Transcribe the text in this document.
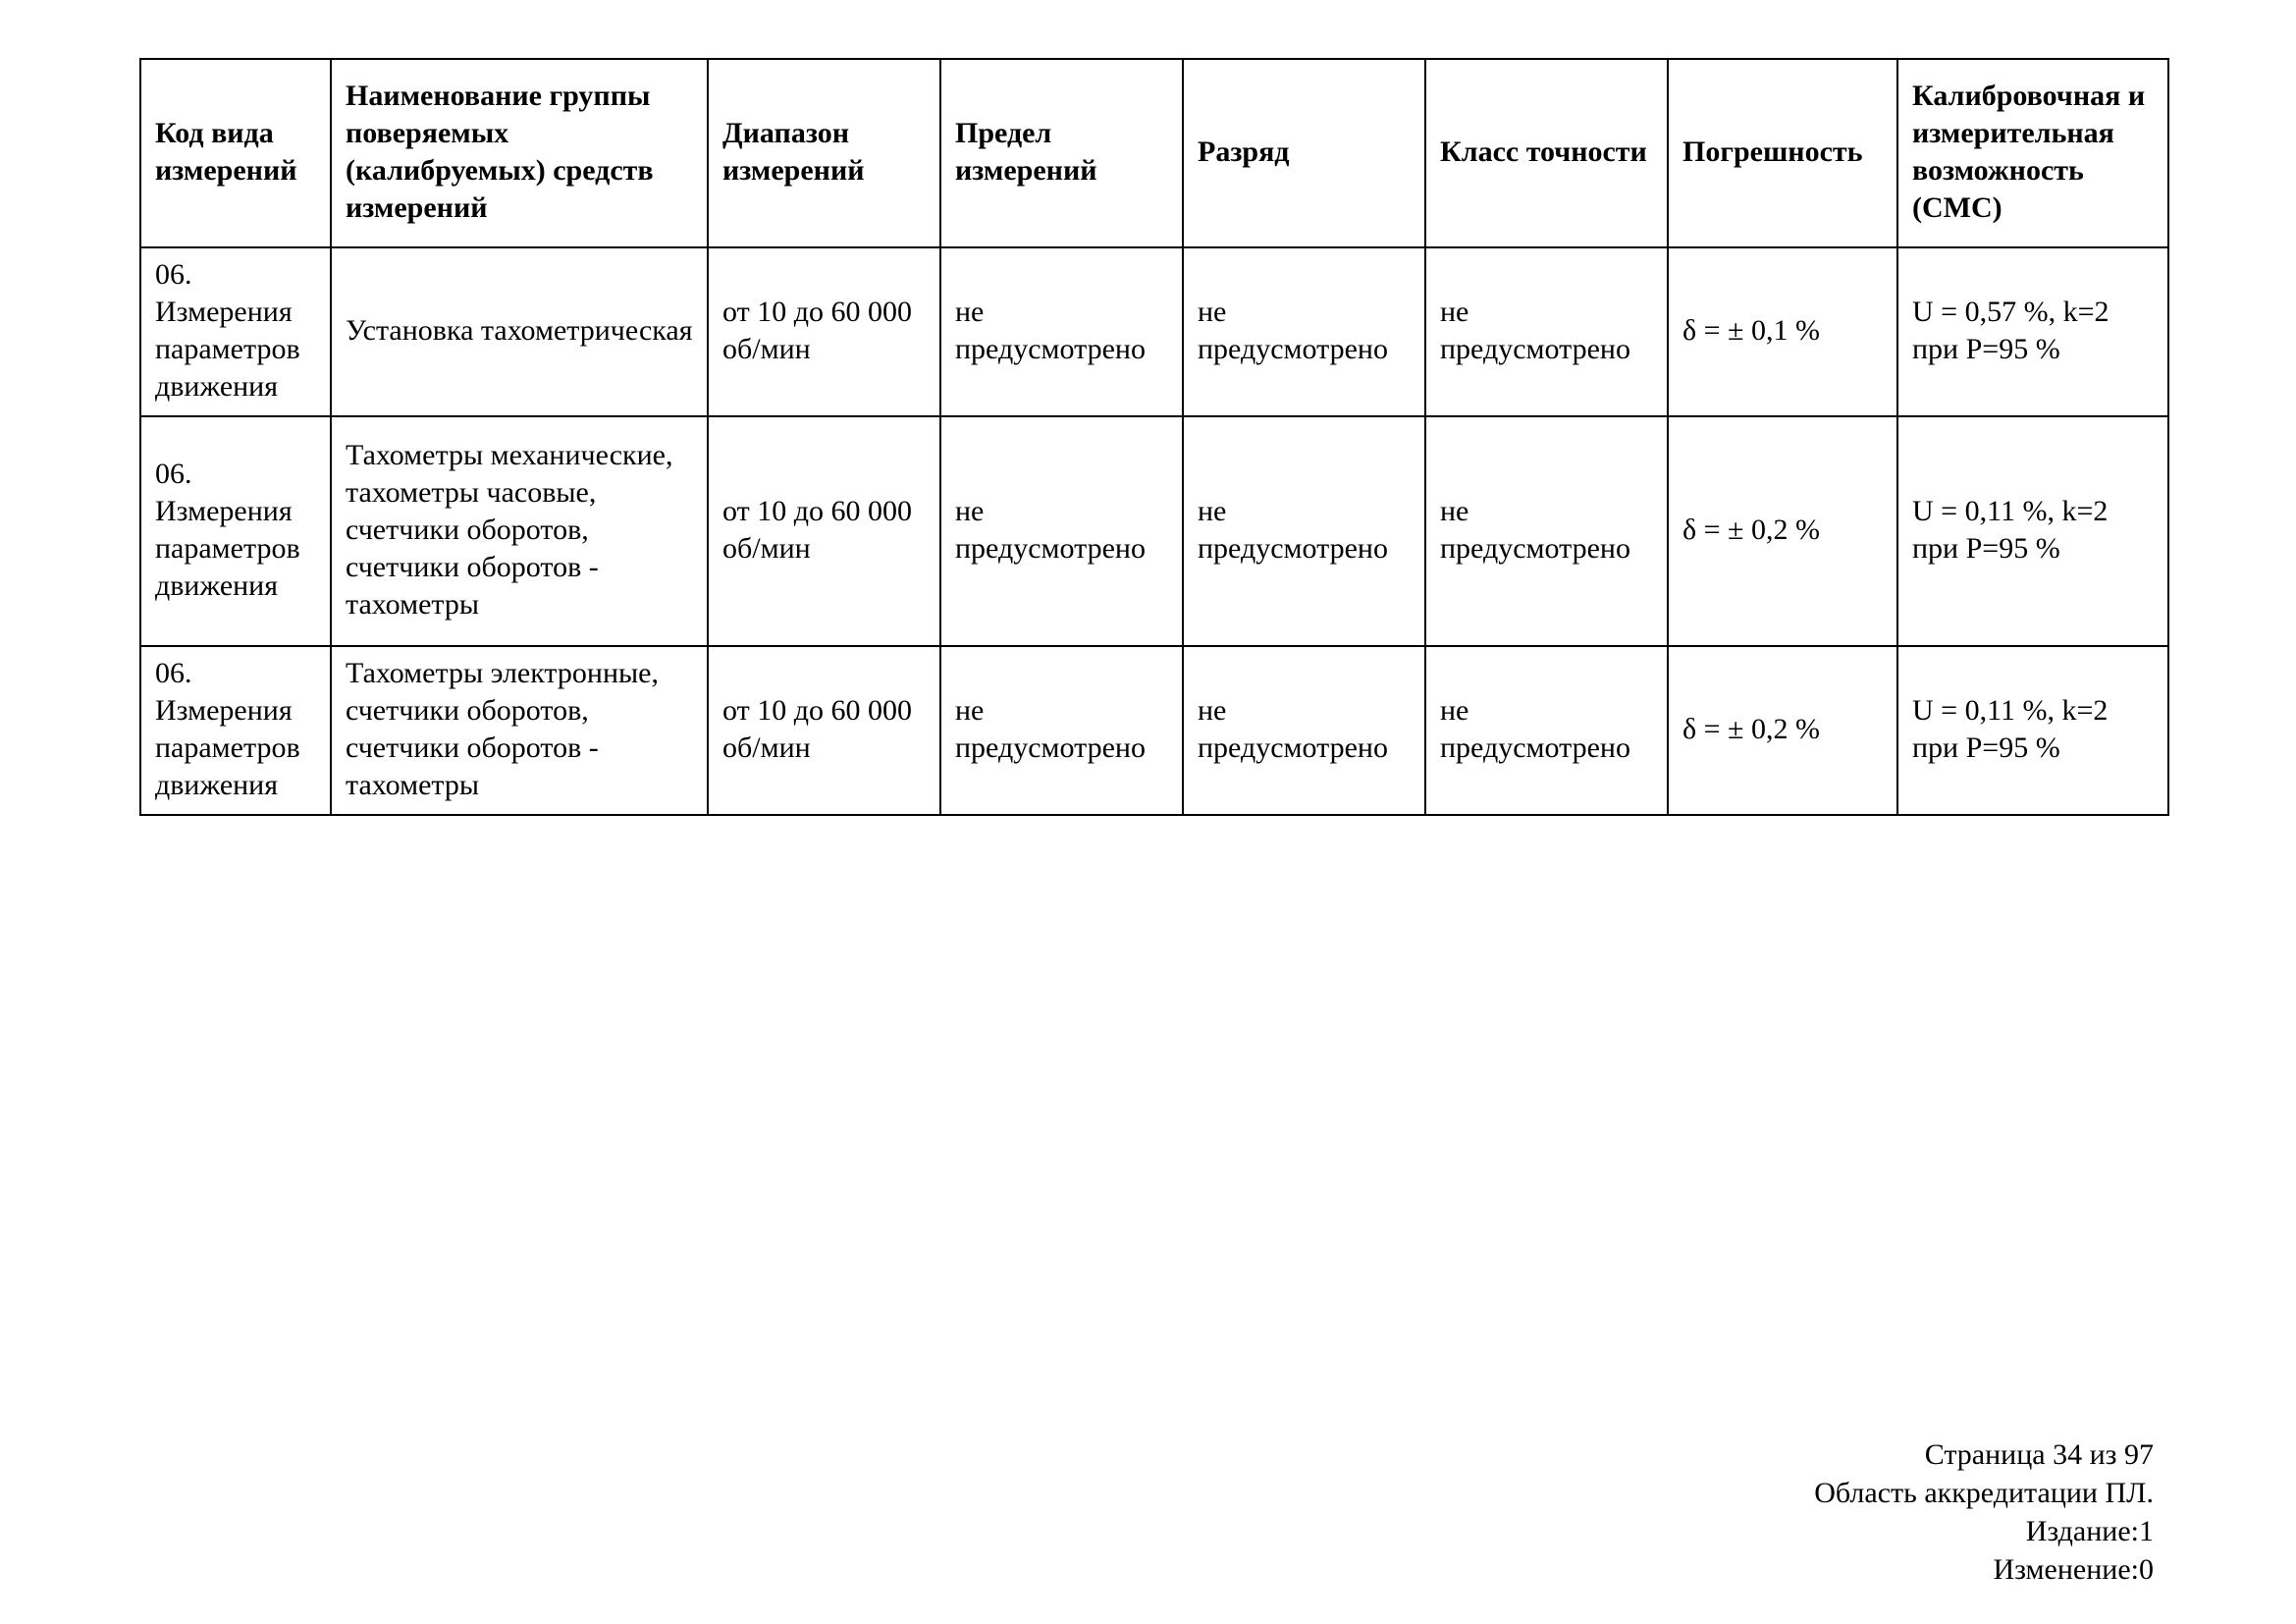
Код вида измерений	Наименование группы поверяемых (калибруемых) средств измерений	Диапазон измерений	Предел измерений	Разряд	Класс точности	Погрешность	Калибровочная и измерительная возможность (CMC)
06. Измерения параметров движения	Установка тахометрическая	от 10 до 60 000 об/мин	не предусмотрено	не предусмотрено	не предусмотрено	δ = ± 0,1 %	U = 0,57 %, k=2 при P=95 %
06. Измерения параметров движения	Тахометры механические, тахометры часовые, счетчики оборотов, счетчики оборотов - тахометры	от 10 до 60 000 об/мин	не предусмотрено	не предусмотрено	не предусмотрено	δ = ± 0,2 %	U = 0,11 %, k=2 при P=95 %
06. Измерения параметров движения	Тахометры электронные, счетчики оборотов, счетчики оборотов - тахометры	от 10 до 60 000 об/мин	не предусмотрено	не предусмотрено	не предусмотрено	δ = ± 0,2 %	U = 0,11 %, k=2 при P=95 %
Страница 34 из 97
Область аккредитации ПЛ.
Издание:1
Изменение:0
